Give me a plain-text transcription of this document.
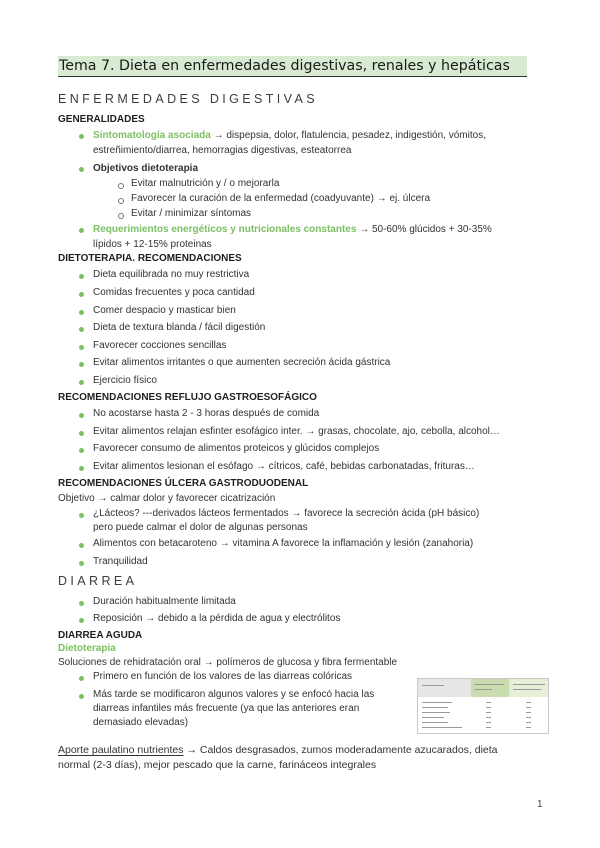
Tema 7. Dieta en enfermedades digestivas, renales y hepáticas
ENFERMEDADES DIGESTIVAS
GENERALIDADES
Síntomatología asociada → dispepsia, dolor, flatulencia, pesadez, indigestión, vómitos,
estreñimiento/diarrea, hemorragias digestivas, esteatorrea
Objetivos dietoterapia
Evitar malnutrición y / o mejorarla
Favorecer la curación de la enfermedad (coadyuvante) → ej. úlcera
Evitar / minimizar síntomas
Requerimientos energéticos y nutricionales constantes → 50-60% glúcidos + 30-35%
lípidos + 12-15% proteinas
DIETOTERAPIA. RECOMENDACIONES
Dieta equilibrada no muy restrictiva
Comidas frecuentes y poca cantidad
Comer despacio y masticar bien
Dieta de textura blanda / fácil digestión
Favorecer cocciones sencillas
Evitar alimentos irritantes o que aumenten secreción ácida gástrica
Ejercicio físico
RECOMENDACIONES REFLUJO GASTROESOFÁGICO
No acostarse hasta 2 - 3 horas después de comida
Evitar alimentos relajan esfinter esofágico inter. → grasas, chocolate, ajo, cebolla, alcohol…
Favorecer consumo de alimentos proteicos y glúcidos complejos
Evitar alimentos lesionan el esófago → cítricos, café, bebidas carbonatadas, frituras…
RECOMENDACIONES ÚLCERA GASTRODUODENAL
Objetivo → calmar dolor y favorecer cicatrización
¿Lácteos? ---derivados lácteos fermentados → favorece la secreción ácida (pH básico)
pero puede calmar el dolor de algunas personas
Alimentos con betacaroteno → vitamina A favorece la inflamación y lesión (zanahoria)
Tranquilidad
DIARREA
Duración habitualmente limitada
Reposición → debido a la pérdida de agua y electrólitos
DIARREA AGUDA
Dietoterapia
Soluciones de rehidratación oral → polímeros de glucosa y fibra fermentable
Primero en función de los valores de las diarreas colóricas
Más tarde se modificaron algunos valores y se enfocó hacia las
diarreas infantiles más frecuente (ya que las anteriores eran
demasiado elevadas)
Aporte paulatino nutrientes → Caldos desgrasados, zumos moderadamente azucarados, dieta
normal (2-3 días), mejor pescado que la carne, farináceos integrales
1
